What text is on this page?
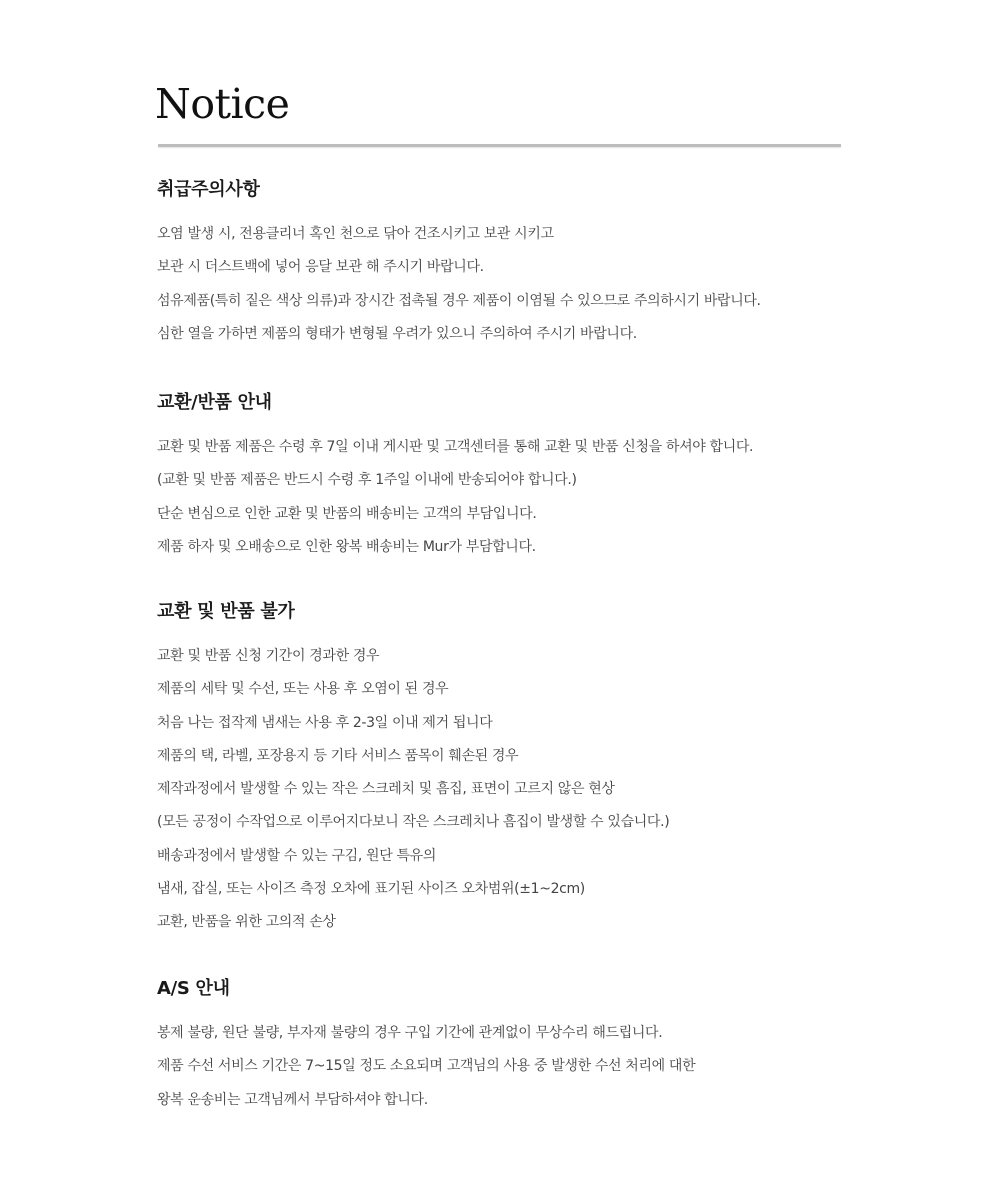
Notice
취급주의사항
오염 발생 시, 전용클리너 혹인 천으로 닦아 건조시키고 보관 시키고
보관 시 더스트백에 넣어 응달 보관 해 주시기 바랍니다.
섬유제품(특히 짙은 색상 의류)과 장시간 접촉될 경우 제품이 이염될 수 있으므로 주의하시기 바랍니다.
심한 열을 가하면 제품의 형태가 변형될 우려가 있으니 주의하여 주시기 바랍니다.
교환/반품 안내
교환 및 반품 제품은 수령 후 7일 이내 게시판 및 고객센터를 통해 교환 및 반품 신청을 하셔야 합니다.
(교환 및 반품 제품은 반드시 수령 후 1주일 이내에 반송되어야 합니다.)
단순 변심으로 인한 교환 및 반품의 배송비는 고객의 부담입니다.
제품 하자 및 오배송으로 인한 왕복 배송비는 Mur가 부담합니다.
교환 및 반품 불가
교환 및 반품 신청 기간이 경과한 경우
제품의 세탁 및 수선, 또는 사용 후 오염이 된 경우
처음 나는 접작제 냄새는 사용 후 2-3일 이내 제거 됩니다
제품의 택, 라벨, 포장용지 등 기타 서비스 품목이 훼손된 경우
제작과정에서 발생할 수 있는 작은 스크레치 및 흠집, 표면이 고르지 않은 현상
(모든 공정이 수작업으로 이루어지다보니 작은 스크레치나 흠집이 발생할 수 있습니다.)
배송과정에서 발생할 수 있는 구김, 원단 특유의
냄새, 잡실, 또는 사이즈 측정 오차에 표기된 사이즈 오차범위(±1~2cm)
교환, 반품을 위한 고의적 손상
A/S 안내
봉제 불량, 원단 불량, 부자재 불량의 경우 구입 기간에 관계없이 무상수리 해드립니다.
제품 수선 서비스 기간은 7~15일 정도 소요되며 고객님의 사용 중 발생한 수선 처리에 대한
왕복 운송비는 고객님께서 부담하셔야 합니다.
